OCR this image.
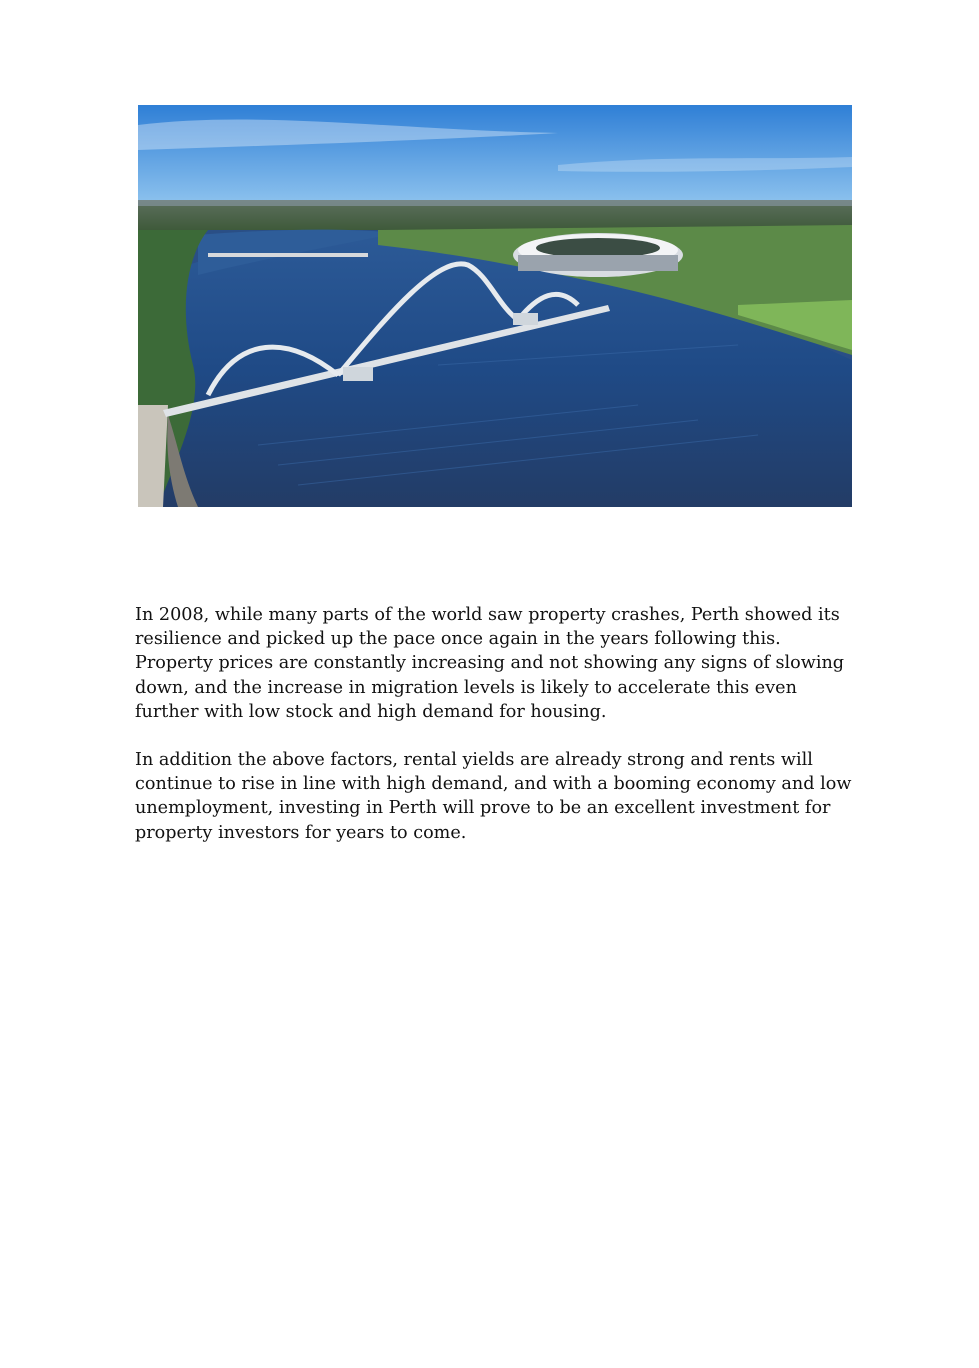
In 2008, while many parts of the world saw property crashes, Perth showed its resilience and picked up the pace once again in the years following this. Property prices are constantly increasing and not showing any signs of slowing down, and the increase in migration levels is likely to accelerate this even further with low stock and high demand for housing.

In addition the above factors, rental yields are already strong and rents will continue to rise in line with high demand, and with a booming economy and low unemployment, investing in Perth will prove to be an excellent investment for property investors for years to come.
